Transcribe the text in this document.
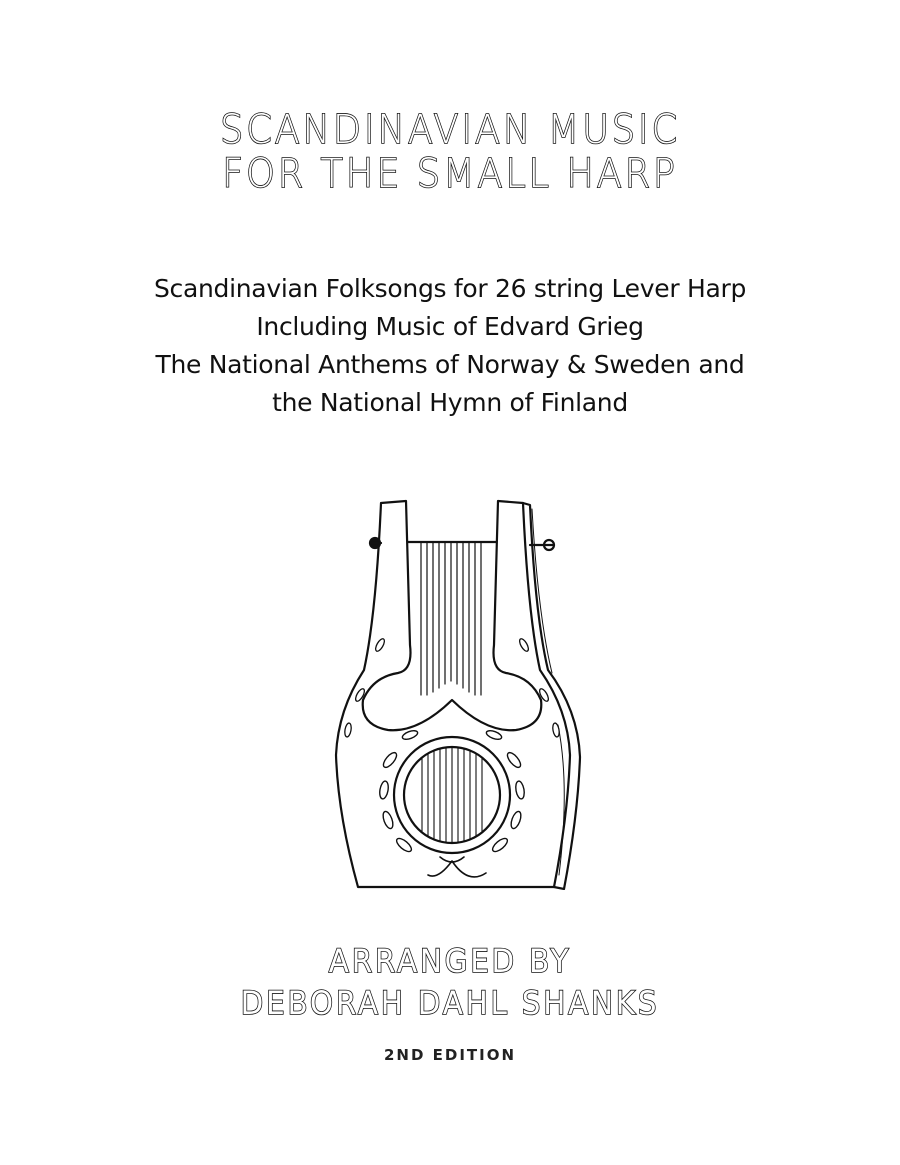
SCANDINAVIAN MUSIC
FOR THE SMALL HARP
Scandinavian Folksongs for 26 string Lever Harp
Including Music of Edvard Grieg
The National Anthems of Norway & Sweden and
the National Hymn of Finland
ARRANGED BY
DEBORAH DAHL SHANKS
2ND EDITION
